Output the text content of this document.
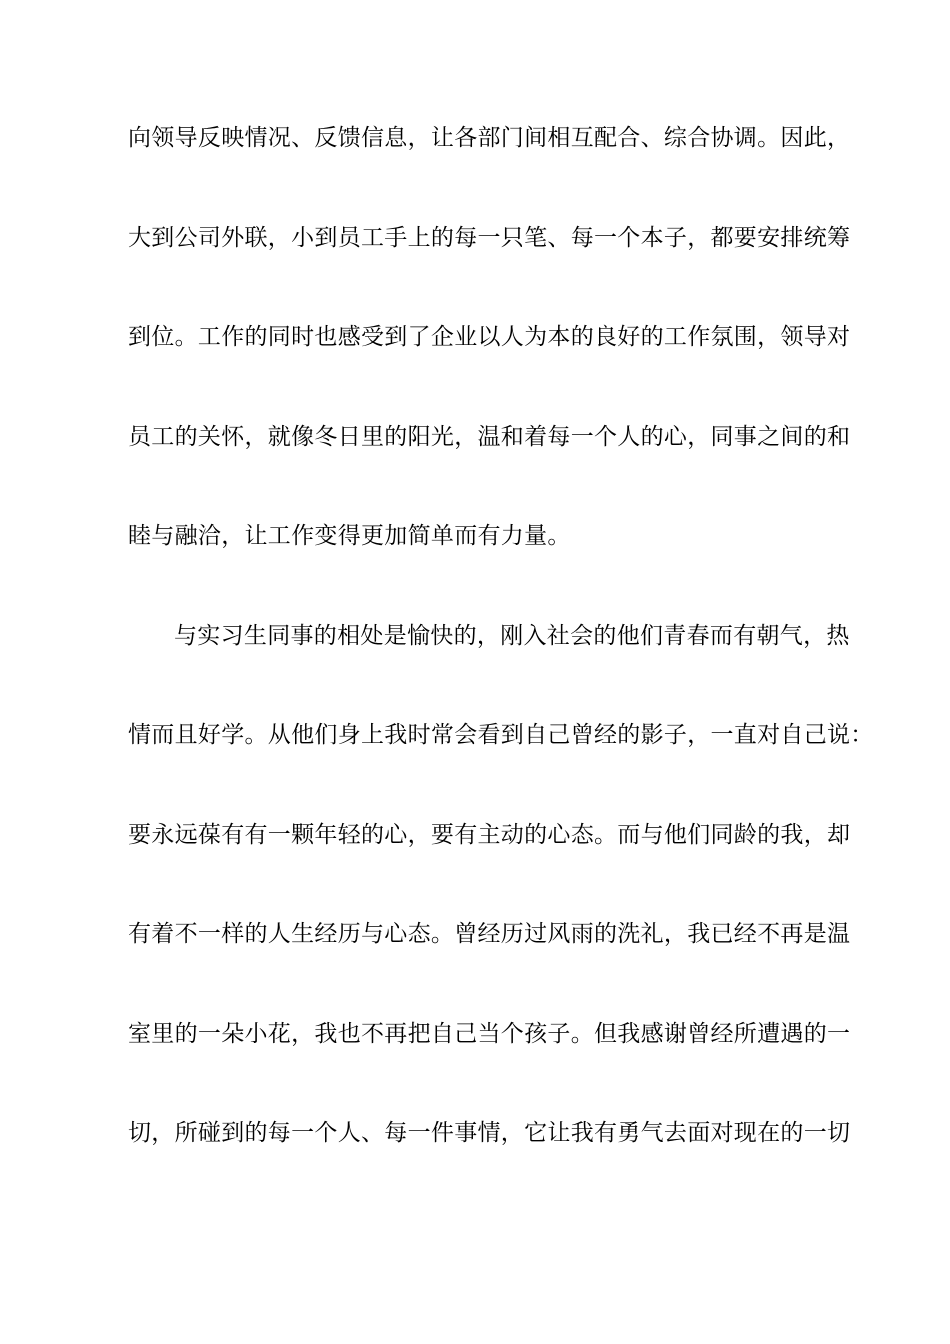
向领导反映情况、反馈信息，让各部门间相互配合、综合协调。因此，
大到公司外联，小到员工手上的每一只笔、每一个本子，都要安排统筹
到位。工作的同时也感受到了企业以人为本的良好的工作氛围，领导对
员工的关怀，就像冬日里的阳光，温和着每一个人的心，同事之间的和
睦与融洽，让工作变得更加简单而有力量。
与实习生同事的相处是愉快的，刚入社会的他们青春而有朝气，热
情而且好学。从他们身上我时常会看到自己曾经的影子，一直对自己说：
要永远葆有有一颗年轻的心，要有主动的心态。而与他们同龄的我，却
有着不一样的人生经历与心态。曾经历过风雨的洗礼，我已经不再是温
室里的一朵小花，我也不再把自己当个孩子。但我感谢曾经所遭遇的一
切，所碰到的每一个人、每一件事情，它让我有勇气去面对现在的一切
